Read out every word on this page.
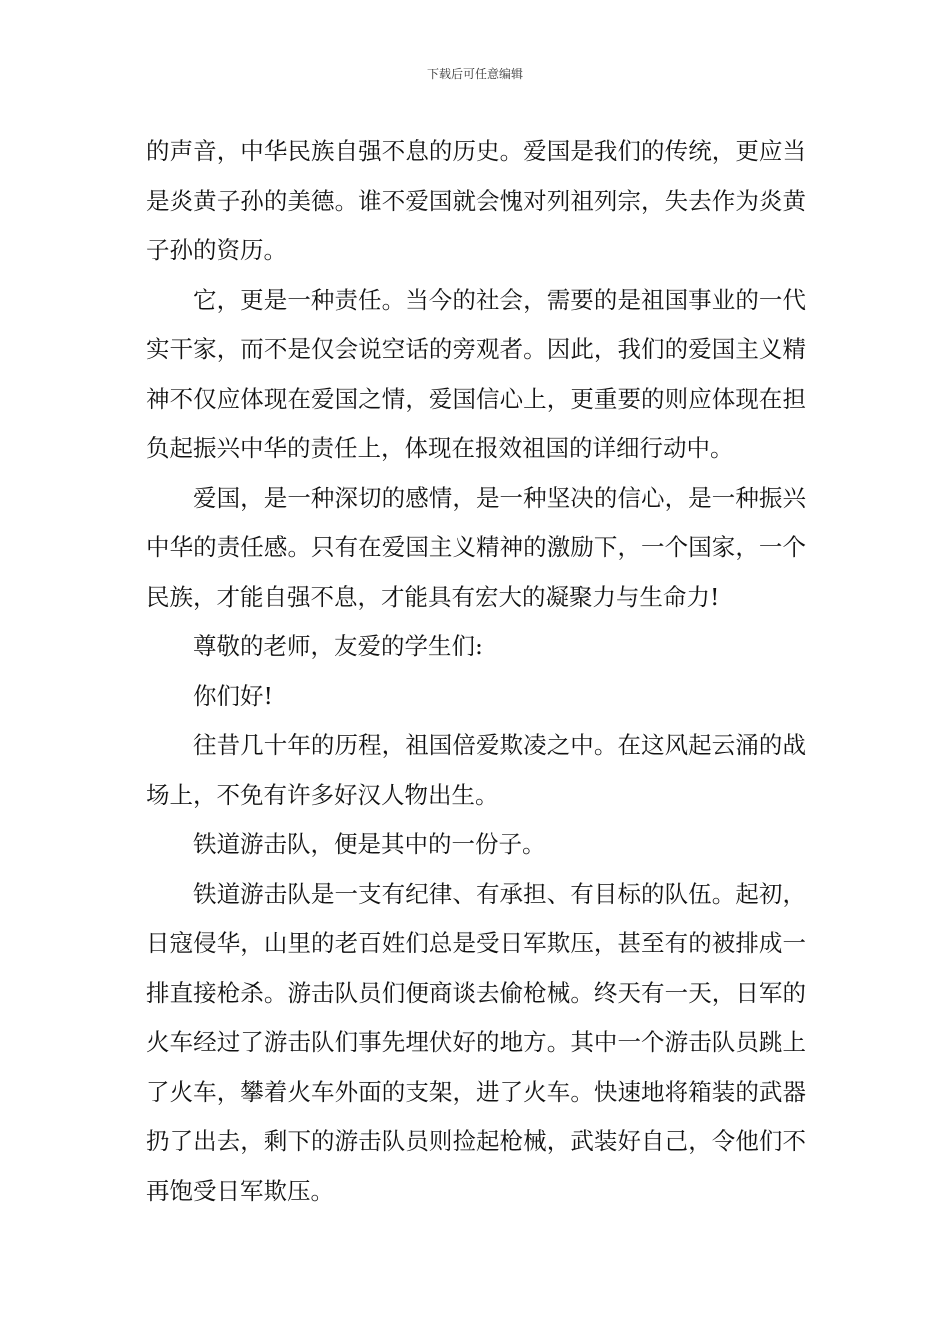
下载后可任意编辑

的声音，中华民族自强不息的历史。爱国是我们的传统，更应当是炎黄子孙的美德。谁不爱国就会愧对列祖列宗，失去作为炎黄子孙的资历。

它，更是一种责任。当今的社会，需要的是祖国事业的一代实干家，而不是仅会说空话的旁观者。因此，我们的爱国主义精神不仅应体现在爱国之情，爱国信心上，更重要的则应体现在担负起振兴中华的责任上，体现在报效祖国的详细行动中。

爱国，是一种深切的感情，是一种坚决的信心，是一种振兴中华的责任感。只有在爱国主义精神的激励下，一个国家，一个民族，才能自强不息，才能具有宏大的凝聚力与生命力!

尊敬的老师，友爱的学生们:

你们好!

往昔几十年的历程，祖国倍爱欺凌之中。在这风起云涌的战场上，不免有许多好汉人物出生。

铁道游击队，便是其中的一份子。

铁道游击队是一支有纪律、有承担、有目标的队伍。起初，日寇侵华，山里的老百姓们总是受日军欺压，甚至有的被排成一排直接枪杀。游击队员们便商谈去偷枪械。终天有一天，日军的火车经过了游击队们事先埋伏好的地方。其中一个游击队员跳上了火车，攀着火车外面的支架，进了火车。快速地将箱装的武器扔了出去，剩下的游击队员则捡起枪械，武装好自己，令他们不再饱受日军欺压。
